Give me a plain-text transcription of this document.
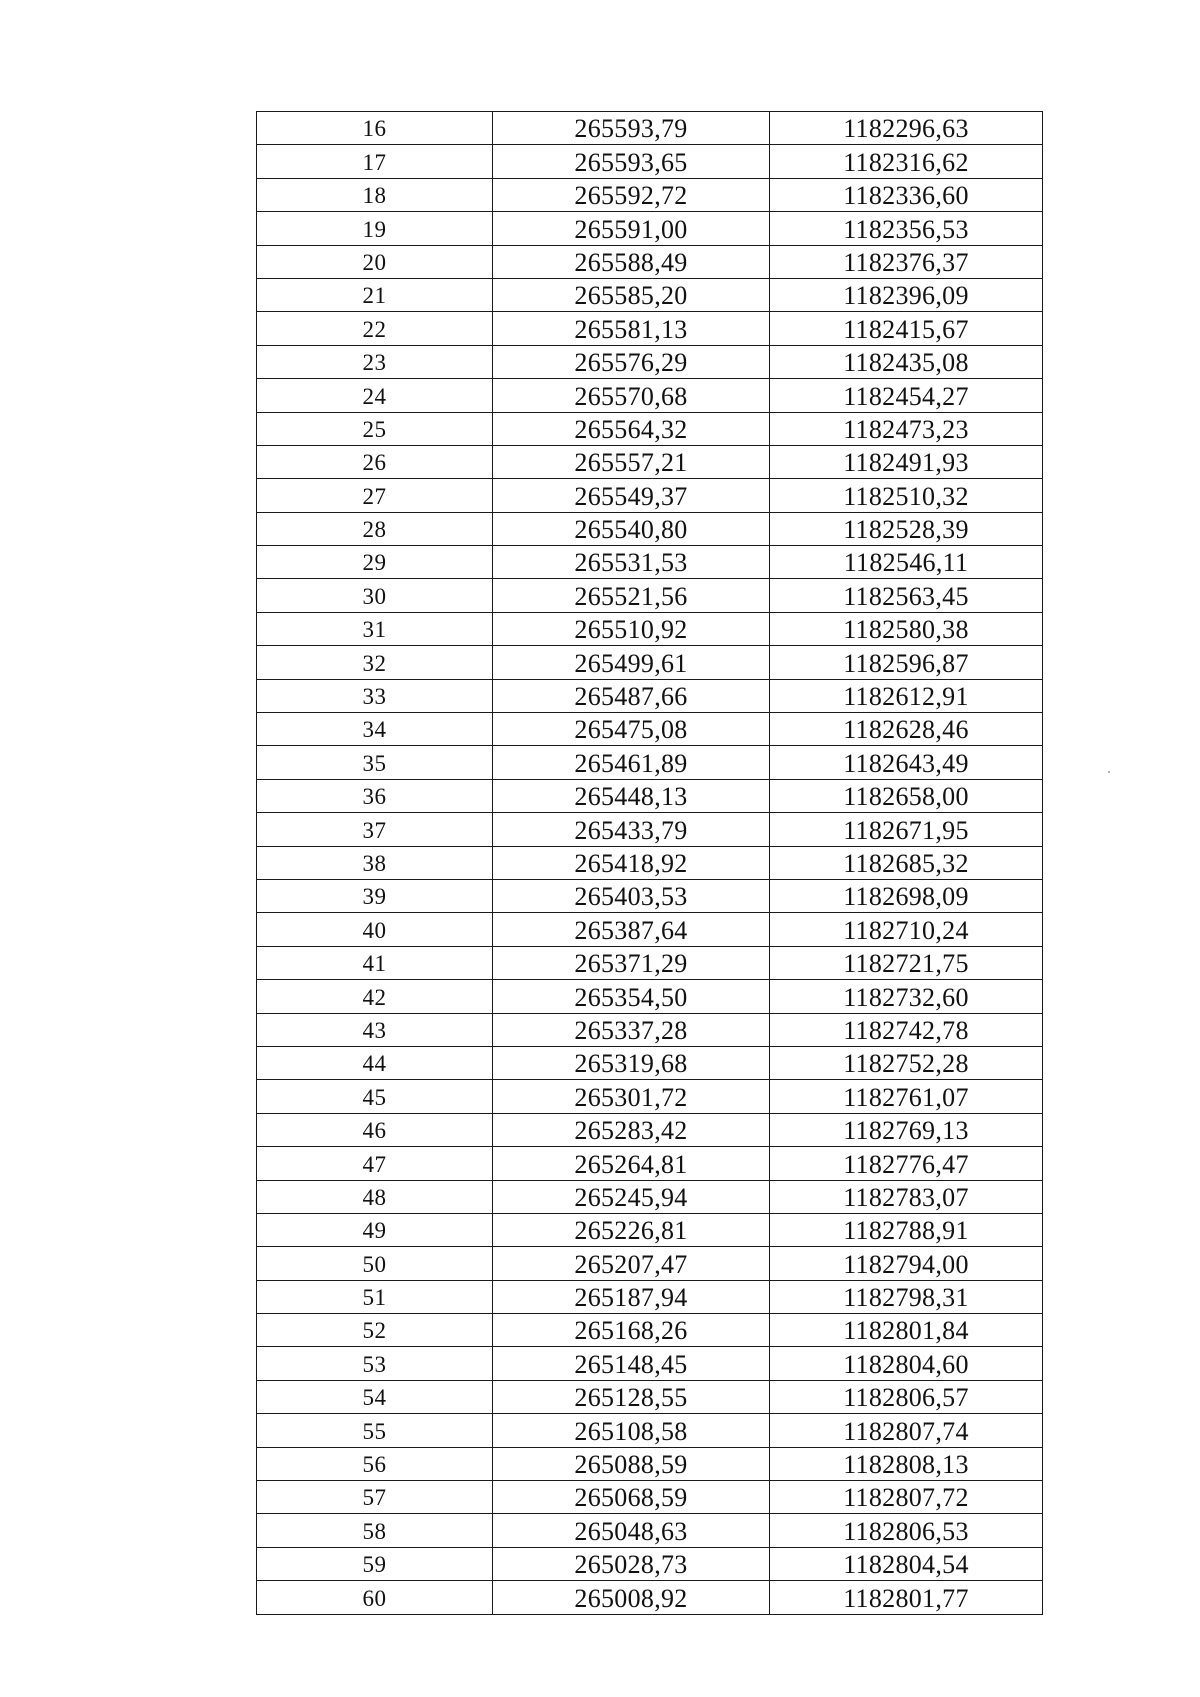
16	265593,79	1182296,63
17	265593,65	1182316,62
18	265592,72	1182336,60
19	265591,00	1182356,53
20	265588,49	1182376,37
21	265585,20	1182396,09
22	265581,13	1182415,67
23	265576,29	1182435,08
24	265570,68	1182454,27
25	265564,32	1182473,23
26	265557,21	1182491,93
27	265549,37	1182510,32
28	265540,80	1182528,39
29	265531,53	1182546,11
30	265521,56	1182563,45
31	265510,92	1182580,38
32	265499,61	1182596,87
33	265487,66	1182612,91
34	265475,08	1182628,46
35	265461,89	1182643,49
36	265448,13	1182658,00
37	265433,79	1182671,95
38	265418,92	1182685,32
39	265403,53	1182698,09
40	265387,64	1182710,24
41	265371,29	1182721,75
42	265354,50	1182732,60
43	265337,28	1182742,78
44	265319,68	1182752,28
45	265301,72	1182761,07
46	265283,42	1182769,13
47	265264,81	1182776,47
48	265245,94	1182783,07
49	265226,81	1182788,91
50	265207,47	1182794,00
51	265187,94	1182798,31
52	265168,26	1182801,84
53	265148,45	1182804,60
54	265128,55	1182806,57
55	265108,58	1182807,74
56	265088,59	1182808,13
57	265068,59	1182807,72
58	265048,63	1182806,53
59	265028,73	1182804,54
60	265008,92	1182801,77
